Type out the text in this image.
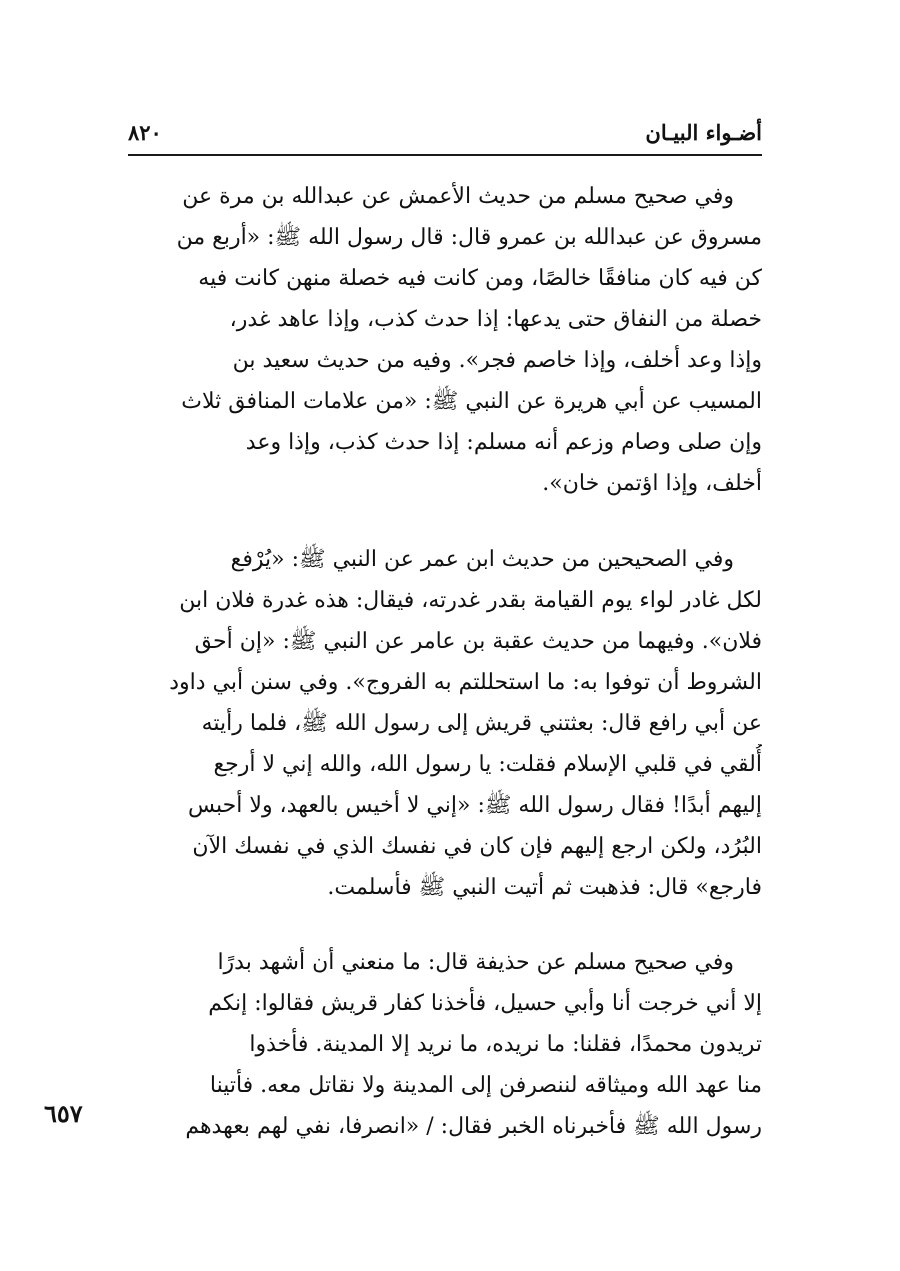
أضـواء البيـان
٨٢٠

وفي صحيح مسلم من حديث الأعمش عن عبدالله بن مرة عن
مسروق عن عبدالله بن عمرو قال: قال رسول الله ﷺ: «أربع من
كن فيه كان منافقًا خالصًا، ومن كانت فيه خصلة منهن كانت فيه
خصلة من النفاق حتى يدعها: إذا حدث كذب، وإذا عاهد غدر،
وإذا وعد أخلف، وإذا خاصم فجر». وفيه من حديث سعيد بن
المسيب عن أبي هريرة عن النبي ﷺ: «من علامات المنافق ثلاث
وإن صلى وصام وزعم أنه مسلم: إذا حدث كذب، وإذا وعد
أخلف، وإذا اؤتمن خان».

وفي الصحيحين من حديث ابن عمر عن النبي ﷺ: «يُرْفع
لكل غادر لواء يوم القيامة بقدر غدرته، فيقال: هذه غدرة فلان ابن
فلان». وفيهما من حديث عقبة بن عامر عن النبي ﷺ: «إن أحق
الشروط أن توفوا به: ما استحللتم به الفروج». وفي سنن أبي داود
عن أبي رافع قال: بعثتني قريش إلى رسول الله ﷺ، فلما رأيته
أُلقي في قلبي الإسلام فقلت: يا رسول الله، والله إني لا أرجع
إليهم أبدًا! فقال رسول الله ﷺ: «إني لا أخيس بالعهد، ولا أحبس
البُرُد، ولكن ارجع إليهم فإن كان في نفسك الذي في نفسك الآن
فارجع» قال: فذهبت ثم أتيت النبي ﷺ فأسلمت.

وفي صحيح مسلم عن حذيفة قال: ما منعني أن أشهد بدرًا
إلا أني خرجت أنا وأبي حسيل، فأخذنا كفار قريش فقالوا: إنكم
تريدون محمدًا، فقلنا: ما نريده، ما نريد إلا المدينة. فأخذوا
منا عهد الله وميثاقه لننصرفن إلى المدينة ولا نقاتل معه. فأتينا
رسول الله ﷺ فأخبرناه الخبر فقال: / «انصرفا، نفي لهم بعهدهم

٦٥٧
